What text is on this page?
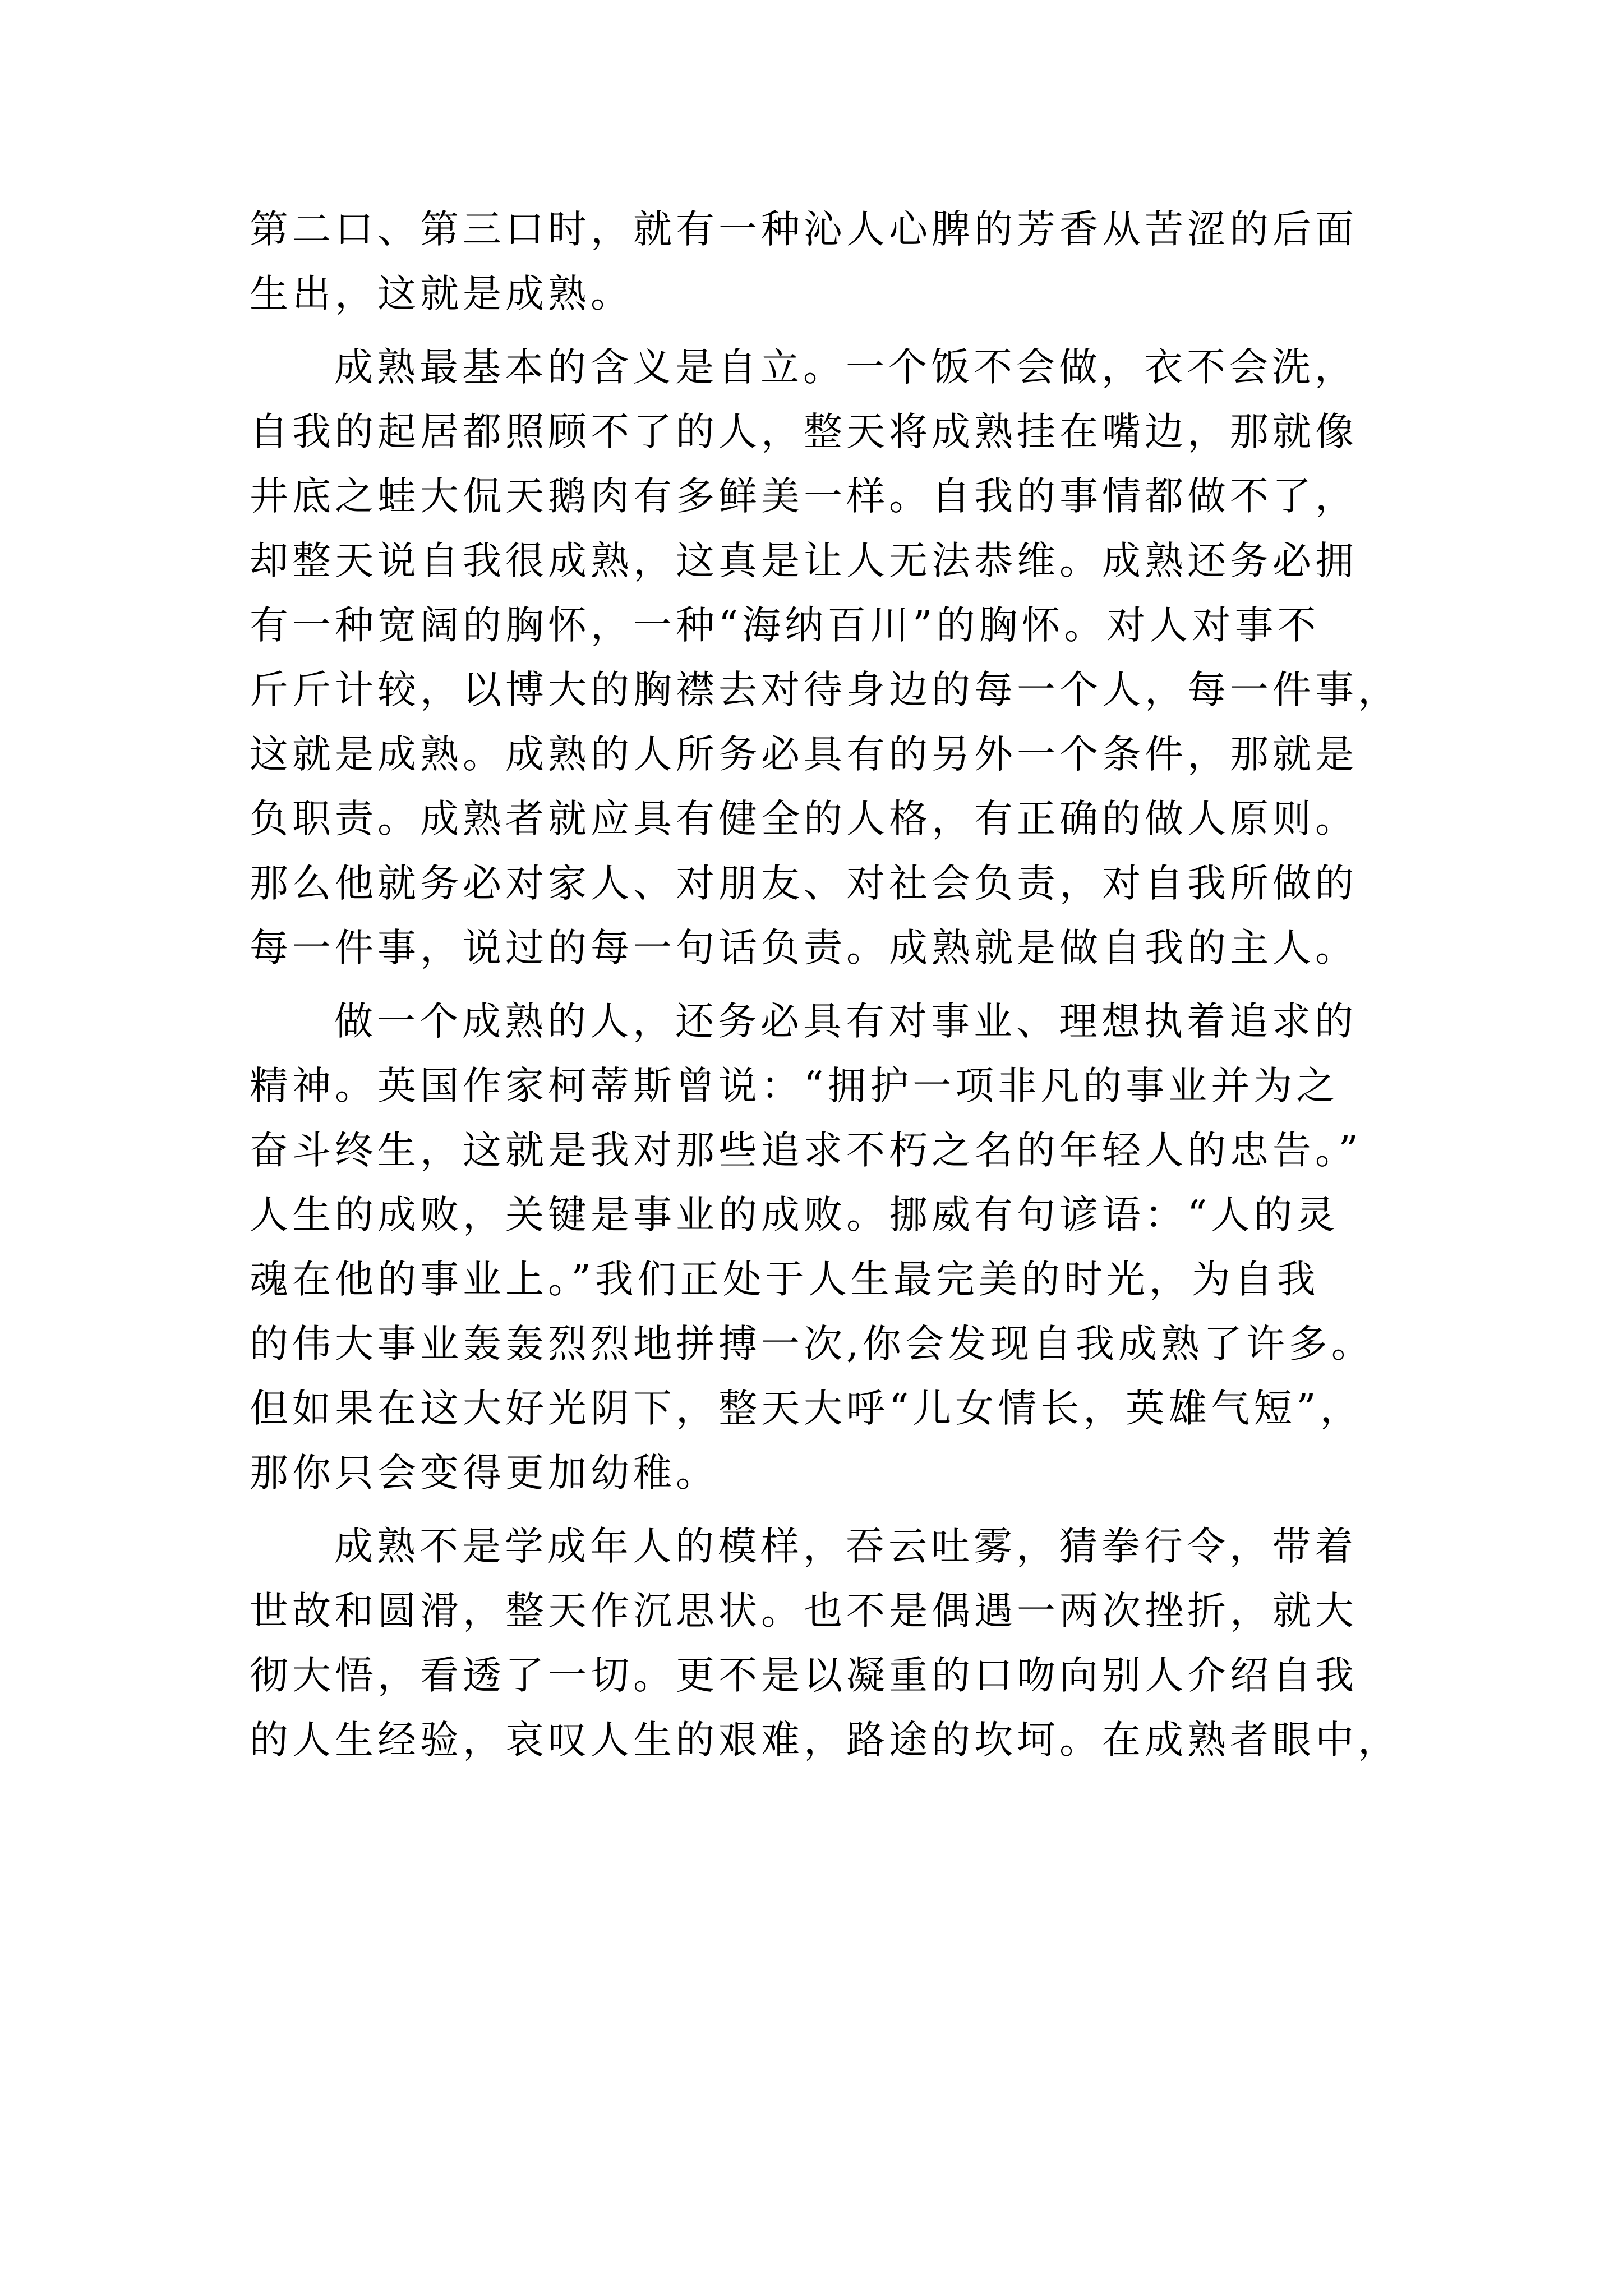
第二口、第三口时，就有一种沁人心脾的芳香从苦涩的后面
生出，这就是成熟。
成熟最基本的含义是自立。一个饭不会做，衣不会洗，
自我的起居都照顾不了的人，整天将成熟挂在嘴边，那就像
井底之蛙大侃天鹅肉有多鲜美一样。自我的事情都做不了，
却整天说自我很成熟，这真是让人无法恭维。成熟还务必拥
有一种宽阔的胸怀，一种“海纳百川”的胸怀。对人对事不
斤斤计较，以博大的胸襟去对待身边的每一个人，每一件事，
这就是成熟。成熟的人所务必具有的另外一个条件，那就是
负职责。成熟者就应具有健全的人格，有正确的做人原则。
那么他就务必对家人、对朋友、对社会负责，对自我所做的
每一件事，说过的每一句话负责。成熟就是做自我的主人。
做一个成熟的人，还务必具有对事业、理想执着追求的
精神。英国作家柯蒂斯曾说：“拥护一项非凡的事业并为之
奋斗终生，这就是我对那些追求不朽之名的年轻人的忠告。”
人生的成败，关键是事业的成败。挪威有句谚语：“人的灵
魂在他的事业上。”我们正处于人生最完美的时光，为自我
的伟大事业轰轰烈烈地拼搏一次,你会发现自我成熟了许多。
但如果在这大好光阴下，整天大呼“儿女情长，英雄气短”，
那你只会变得更加幼稚。
成熟不是学成年人的模样，吞云吐雾，猜拳行令，带着
世故和圆滑，整天作沉思状。也不是偶遇一两次挫折，就大
彻大悟，看透了一切。更不是以凝重的口吻向别人介绍自我
的人生经验，哀叹人生的艰难，路途的坎坷。在成熟者眼中，
